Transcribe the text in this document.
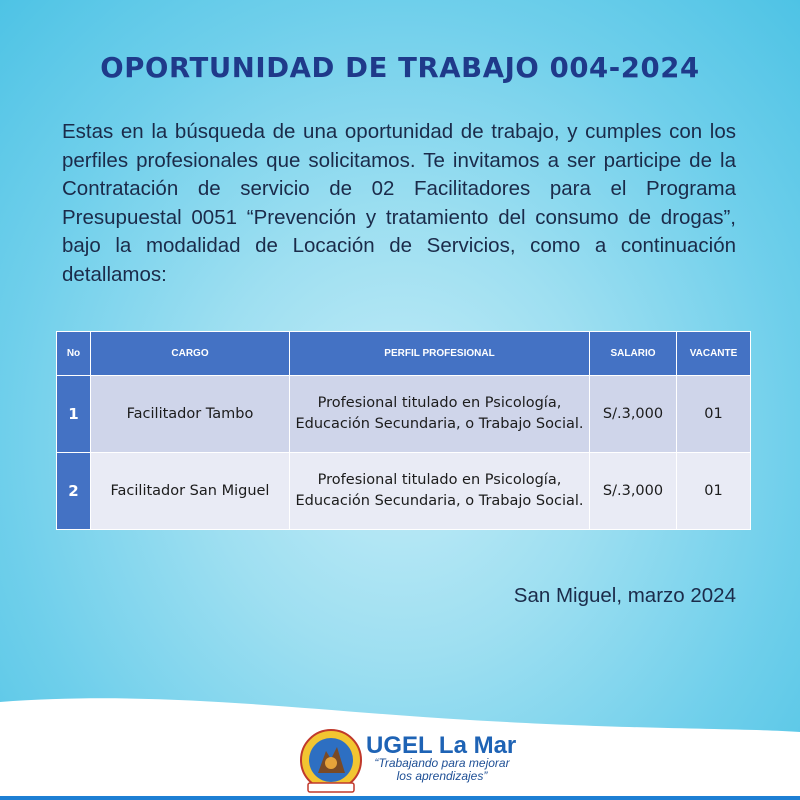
OPORTUNIDAD DE TRABAJO 004-2024

Estas en la búsqueda de una oportunidad de trabajo, y cumples con los perfiles profesionales que solicitamos. Te invitamos a ser participe de la Contratación de servicio de 02 Facilitadores para el Programa Presupuestal 0051 “Prevención y tratamiento del consumo de drogas”, bajo la modalidad de Locación de Servicios, como a continuación detallamos:

No	CARGO	PERFIL PROFESIONAL	SALARIO	VACANTE
1	Facilitador Tambo	Profesional titulado en Psicología, Educación Secundaria, o Trabajo Social.	S/.3,000	01
2	Facilitador San Miguel	Profesional titulado en Psicología, Educación Secundaria, o Trabajo Social.	S/.3,000	01
San Miguel, marzo 2024
UGEL La Mar
“Trabajando para mejorar los aprendizajes”
